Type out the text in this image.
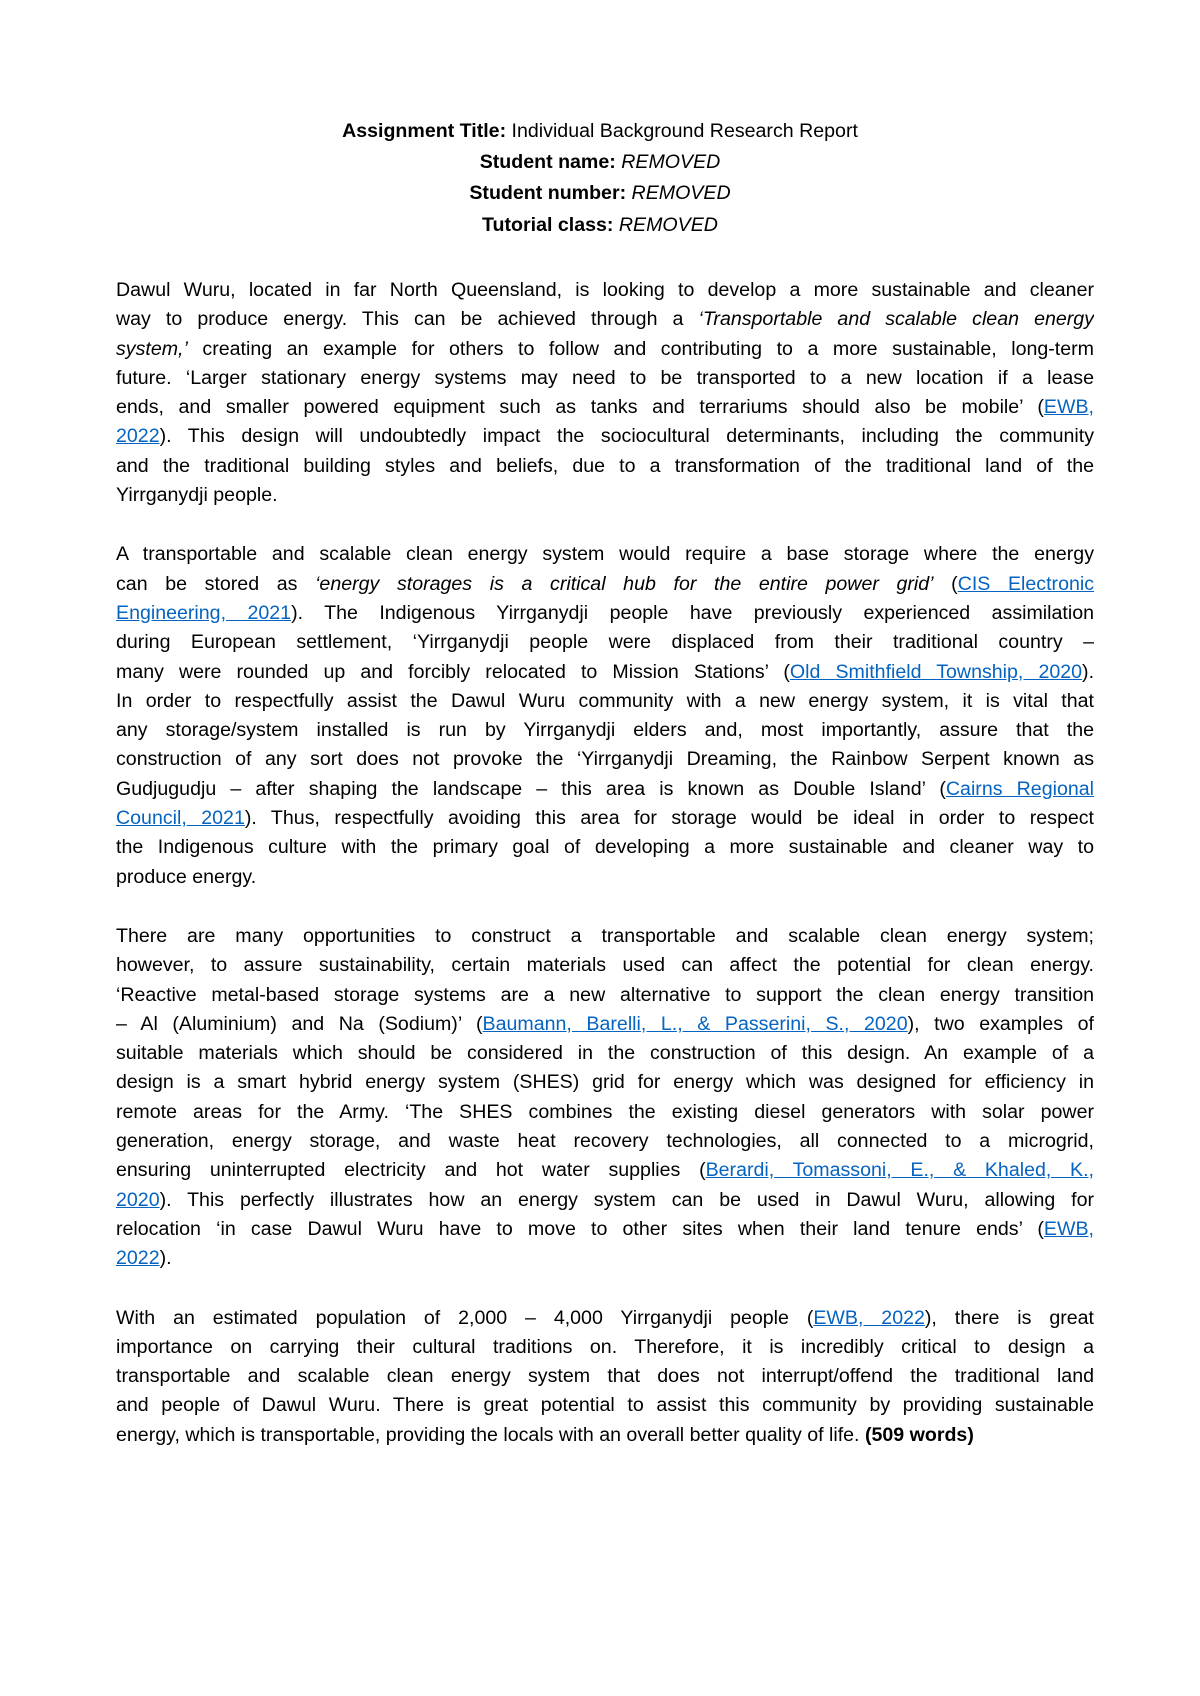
Assignment Title: Individual Background Research Report
Student name: REMOVED
Student number: REMOVED
Tutorial class: REMOVED
Dawul Wuru, located in far North Queensland, is looking to develop a more sustainable and cleaner
way to produce energy. This can be achieved through a ‘Transportable and scalable clean energy
system,’ creating an example for others to follow and contributing to a more sustainable, long-term
future. ‘Larger stationary energy systems may need to be transported to a new location if a lease
ends, and smaller powered equipment such as tanks and terrariums should also be mobile’ (EWB,
2022). This design will undoubtedly impact the sociocultural determinants, including the community
and the traditional building styles and beliefs, due to a transformation of the traditional land of the
Yirrganydji people.
A transportable and scalable clean energy system would require a base storage where the energy
can be stored as ‘energy storages is a critical hub for the entire power grid’ (CIS Electronic
Engineering, 2021). The Indigenous Yirrganydji people have previously experienced assimilation
during European settlement, ‘Yirrganydji people were displaced from their traditional country –
many were rounded up and forcibly relocated to Mission Stations’ (Old Smithfield Township, 2020).
In order to respectfully assist the Dawul Wuru community with a new energy system, it is vital that
any storage/system installed is run by Yirrganydji elders and, most importantly, assure that the
construction of any sort does not provoke the ‘Yirrganydji Dreaming, the Rainbow Serpent known as
Gudjugudju – after shaping the landscape – this area is known as Double Island’ (Cairns Regional
Council, 2021). Thus, respectfully avoiding this area for storage would be ideal in order to respect
the Indigenous culture with the primary goal of developing a more sustainable and cleaner way to
produce energy.
There are many opportunities to construct a transportable and scalable clean energy system;
however, to assure sustainability, certain materials used can affect the potential for clean energy.
‘Reactive metal-based storage systems are a new alternative to support the clean energy transition
– Al (Aluminium) and Na (Sodium)’ (Baumann, Barelli, L., & Passerini, S., 2020), two examples of
suitable materials which should be considered in the construction of this design. An example of a
design is a smart hybrid energy system (SHES) grid for energy which was designed for efficiency in
remote areas for the Army. ‘The SHES combines the existing diesel generators with solar power
generation, energy storage, and waste heat recovery technologies, all connected to a microgrid,
ensuring uninterrupted electricity and hot water supplies (Berardi, Tomassoni, E., & Khaled, K.,
2020). This perfectly illustrates how an energy system can be used in Dawul Wuru, allowing for
relocation ‘in case Dawul Wuru have to move to other sites when their land tenure ends’ (EWB,
2022).
With an estimated population of 2,000 – 4,000 Yirrganydji people (EWB, 2022), there is great
importance on carrying their cultural traditions on. Therefore, it is incredibly critical to design a
transportable and scalable clean energy system that does not interrupt/offend the traditional land
and people of Dawul Wuru. There is great potential to assist this community by providing sustainable
energy, which is transportable, providing the locals with an overall better quality of life. (509 words)
